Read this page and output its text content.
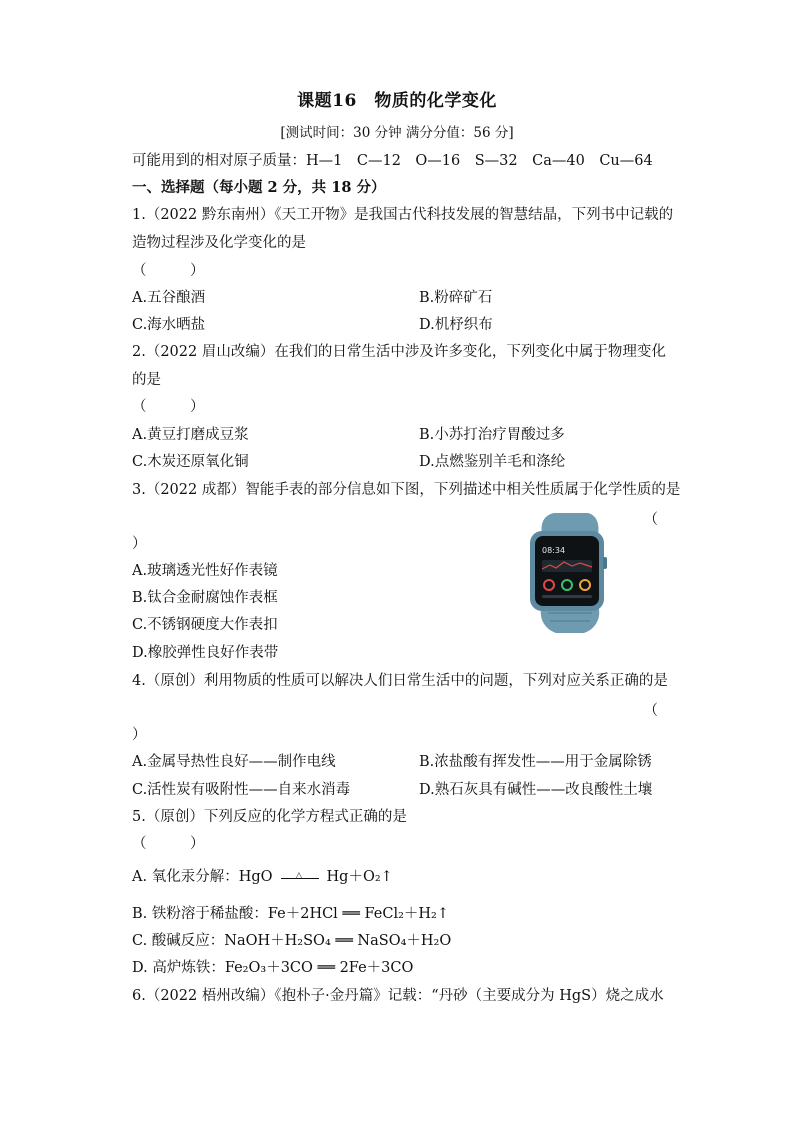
课题16　物质的化学变化
[测试时间：30 分钟 满分分值：56 分]
可能用到的相对原子质量：H—1　C—12　O—16　S—32　Ca—40　Cu—64
一、选择题（每小题 2 分，共 18 分）
1.（2022 黔东南州）《天工开物》是我国古代科技发展的智慧结晶，下列书中记载的
造物过程涉及化学变化的是
（　　　）
A.五谷酿酒	B.粉碎矿石
C.海水晒盐	D.机杼织布
2.（2022 眉山改编）在我们的日常生活中涉及许多变化，下列变化中属于物理变化
的是
（　　　）
A.黄豆打磨成豆浆	B.小苏打治疗胃酸过多
C.木炭还原氧化铜	D.点燃鉴别羊毛和涤纶
3.（2022 成都）智能手表的部分信息如下图，下列描述中相关性质属于化学性质的是
（
）
A.玻璃透光性好作表镜
B.钛合金耐腐蚀作表框
C.不锈钢硬度大作表扣
D.橡胶弹性良好作表带
08:34
4.（原创）利用物质的性质可以解决人们日常生活中的问题，下列对应关系正确的是
（
）
A.金属导热性良好——制作电线	B.浓盐酸有挥发性——用于金属除锈
C.活性炭有吸附性——自来水消毒	D.熟石灰具有碱性——改良酸性土壤
5.（原创）下列反应的化学方程式正确的是
（　　　）
A. 氧化汞分解：HgO	△ Hg＋O₂↑
B. 铁粉溶于稀盐酸：Fe＋2HCl ══ FeCl₂＋H₂↑
C. 酸碱反应：NaOH＋H₂SO₄ ══ NaSO₄＋H₂O
D. 高炉炼铁：Fe₂O₃＋3CO ══ 2Fe＋3CO
6.（2022 梧州改编）《抱朴子·金丹篇》记载：“丹砂（主要成分为 HgS）烧之成水
